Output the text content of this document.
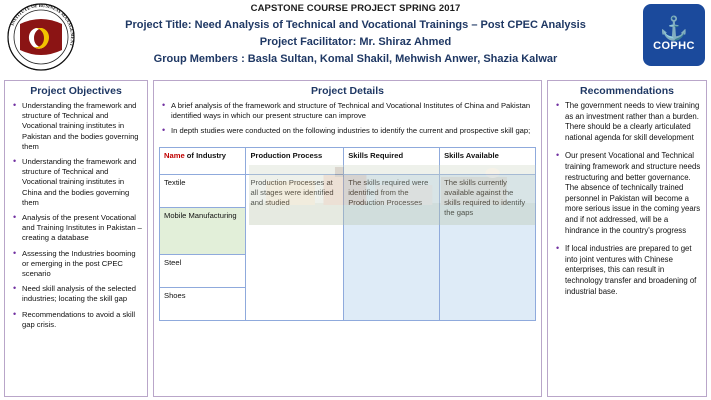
INSTITUTE OF BUSINESS MANAGEMENT
CAPSTONE COURSE PROJECT SPRING 2017
Project Title: Need Analysis of Technical and Vocational Trainings – Post CPEC Analysis
Project Facilitator: Mr. Shiraz Ahmed
Group Members : Basla Sultan, Komal Shakil, Mehwish Anwer, Shazia Kalwar
⚓
COPHC
Project Objectives
• Understanding the framework and structure of Technical and Vocational training institutes in Pakistan and the bodies governing them
• Understanding the framework and structure of Technical and Vocational training institutes in China and the bodies governing them
• Analysis of the present Vocational and Training Institutes in Pakistan – creating a database
• Assessing the Industries booming or emerging in the post CPEC scenario
• Need skill analysis of the selected industries; locating the skill gap
• Recommendations to avoid a skill gap crisis.
Project Details
• A brief analysis of the framework and structure of Technical and Vocational Institutes of China and Pakistan identified ways in which our present structure can improve
• In depth studies were conducted on the following industries to identify the current and prospective skill gap;
Name of Industry	Production Process	Skills Required	Skills Available
Textile	Production Processes at all stages were identified and studied	The skills required were identified from the Production Processes	The skills currently available against the skills required to identify the gaps
Mobile Manufacturing			
Steel			
Shoes			
Recommendations
• The government needs to view training as an investment rather than a burden. There should be a clearly articulated national agenda for skill development
• Our present Vocational and Technical training framework and structure needs restructuring and better governance. The absence of technically trained personnel in Pakistan will become a more serious issue in the coming years and if not addressed, will be a hindrance in the country's progress
• If local industries are prepared to get into joint ventures with Chinese enterprises, this can result in technology transfer and broadening of industrial base.
